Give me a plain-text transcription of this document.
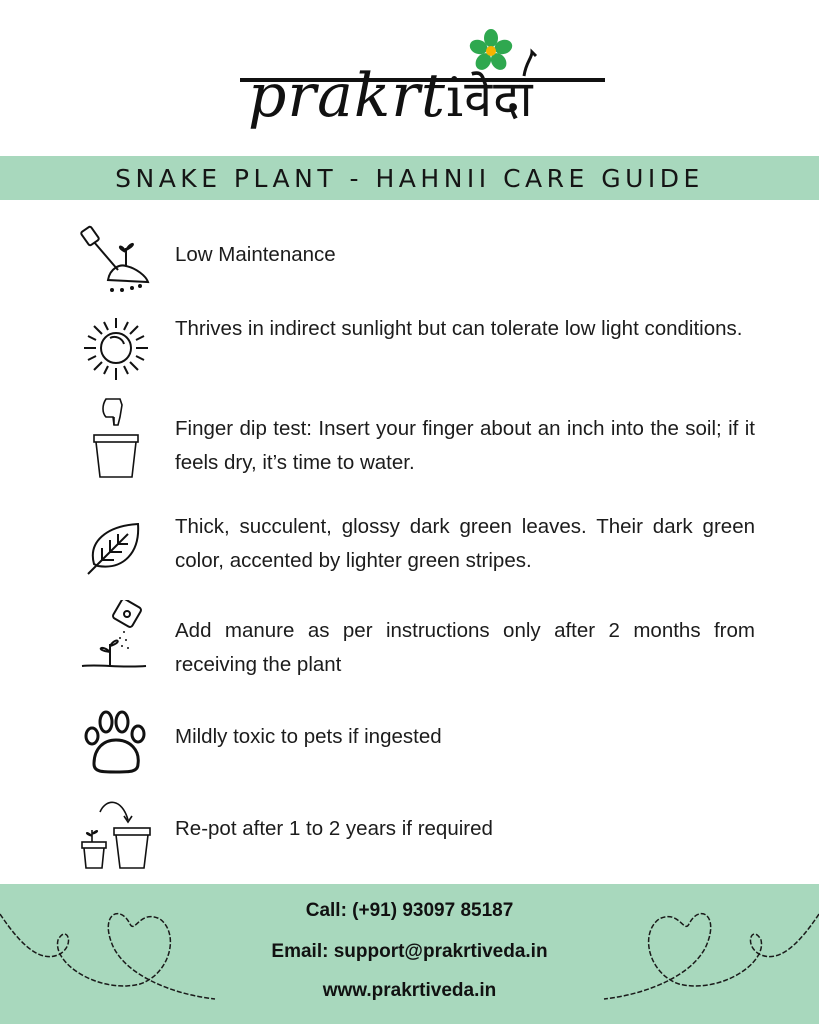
prakrtiवेदा
SNAKE PLANT - HAHNII CARE GUIDE
Low Maintenance
Thrives in indirect sunlight but can tolerate low light conditions.
Finger dip test: Insert your finger about an inch into the soil; if it feels dry, it’s time to water.
Thick, succulent, glossy dark green leaves. Their dark green color, accented by lighter green stripes.
Add manure as per instructions only after 2 months from receiving the plant
Mildly toxic to pets if ingested
Re-pot after 1 to 2 years if required
Call: (+91) 93097 85187
Email: support@prakrtiveda.in
www.prakrtiveda.in
